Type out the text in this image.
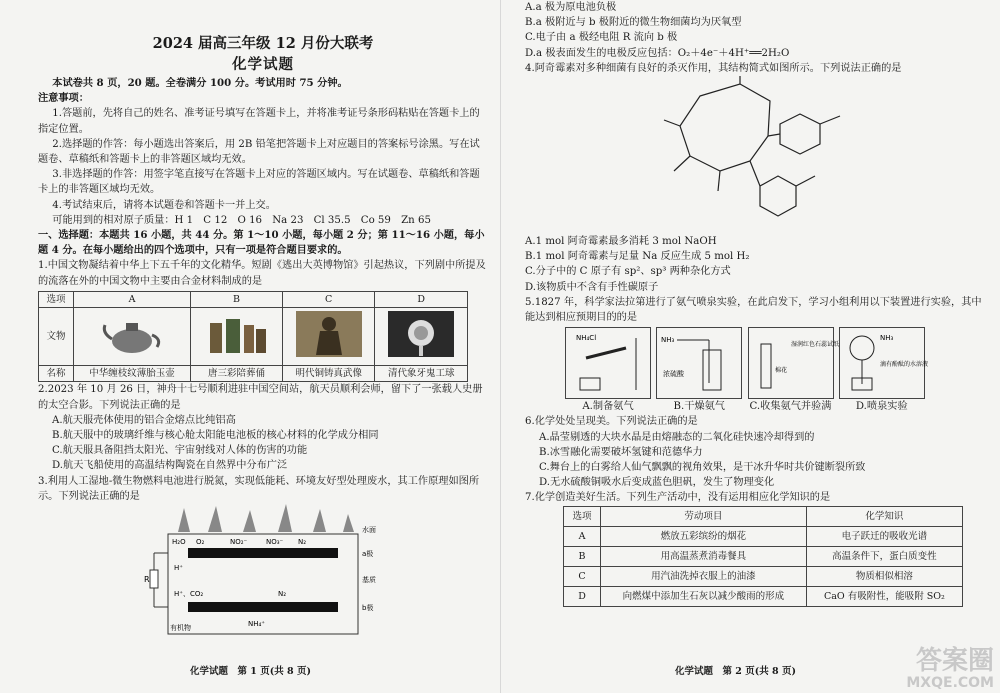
2024 届高三年级 12 月份大联考
化学试题

本试卷共 8 页，20 题。全卷满分 100 分。考试用时 75 分钟。

注意事项：

1.答题前，先将自己的姓名、准考证号填写在答题卡上，并将准考证号条形码粘贴在答题卡上的指定位置。

2.选择题的作答：每小题选出答案后，用 2B 铅笔把答题卡上对应题目的答案标号涂黑。写在试题卷、草稿纸和答题卡上的非答题区域均无效。

3.非选择题的作答：用签字笔直接写在答题卡上对应的答题区域内。写在试题卷、草稿纸和答题卡上的非答题区域均无效。

4.考试结束后，请将本试题卷和答题卡一并上交。

可能用到的相对原子质量：H 1　C 12　O 16　Na 23　Cl 35.5　Co 59　Zn 65

一、选择题：本题共 16 小题，共 44 分。第 1～10 小题，每小题 2 分；第 11～16 小题，每小题 4 分。在每小题给出的四个选项中，只有一项是符合题目要求的。

1.中国文物凝结着中华上下五千年的文化精华。短剧《逃出大英博物馆》引起热议，下列剧中所提及的流落在外的中国文物中主要由合金材料制成的是

选项	A	B	C	D
文物				
名称	中华缠枝纹薄胎玉壶	唐三彩陪葬俑	明代铜铸真武像	清代象牙鬼工球

2.2023 年 10 月 26 日，神舟十七号顺利进驻中国空间站，航天员顺利会师，留下了一张载人史册的太空合影。下列说法正确的是

A.航天服壳体使用的铝合金熔点比纯铝高

B.航天服中的玻璃纤维与核心舱太阳能电池板的核心材料的化学成分相同

C.航天服具备阻挡太阳光、宇宙射线对人体的伤害的功能

D.航天飞船使用的高温结构陶瓷在自然界中分布广泛

3.利用人工湿地-微生物燃料电池进行脱氮，实现低能耗、环境友好型处理废水，其工作原理如图所示。下列说法正确的是

R
H₂O O₂	NO₂⁻	NO₃⁻ N₂
H⁺
H⁺、CO₂	N₂
有机物	NH₄⁺
水面
a极
基质
b极
化学试题　第 1 页(共 8 页)

A.a 极为原电池负极

B.a 极附近与 b 极附近的微生物细菌均为厌氧型

C.电子由 a 极经电阻 R 流向 b 极

D.a 极表面发生的电极反应包括：O₂＋4e⁻＋4H⁺══2H₂O

4.阿奇霉素对多种细菌有良好的杀灭作用，其结构简式如图所示。下列说法正确的是

A.1 mol 阿奇霉素最多消耗 3 mol NaOH

B.1 mol 阿奇霉素与足量 Na 反应生成 5 mol H₂

C.分子中的 C 原子有 sp²、sp³ 两种杂化方式

D.该物质中不含有手性碳原子

5.1827 年，科学家法拉第进行了氨气喷泉实验，在此启发下，学习小组利用以下装置进行实验，其中能达到相应预期目的的是

NH₄Cl
A.制备氨气

NH₃
浓硫酸
B.干燥氨气

棉花
湿润红色石蕊试纸
C.收集氨气并验满

NH₃
滴有酚酞的水溶液
D.喷泉实验

6.化学处处呈现美。下列说法正确的是

A.晶莹剔透的大块水晶是由熔融态的二氧化硅快速冷却得到的

B.冰雪融化需要破坏氢键和范德华力

C.舞台上的白雾给人仙气飘飘的视角效果，是干冰升华时共价键断裂所致

D.无水硫酸铜吸水后变成蓝色胆矾，发生了物理变化

7.化学创造美好生活。下列生产活动中，没有运用相应化学知识的是

选项	劳动项目	化学知识
A	燃放五彩缤纷的烟花	电子跃迁的吸收光谱
B	用高温蒸煮消毒餐具	高温条件下，蛋白质变性
C	用汽油洗掉衣服上的油漆	物质相似相溶
D	向燃煤中添加生石灰以减少酸雨的形成	CaO 有吸附性，能吸附 SO₂
化学试题　第 2 页(共 8 页)	答案圈
MXQE.COM
